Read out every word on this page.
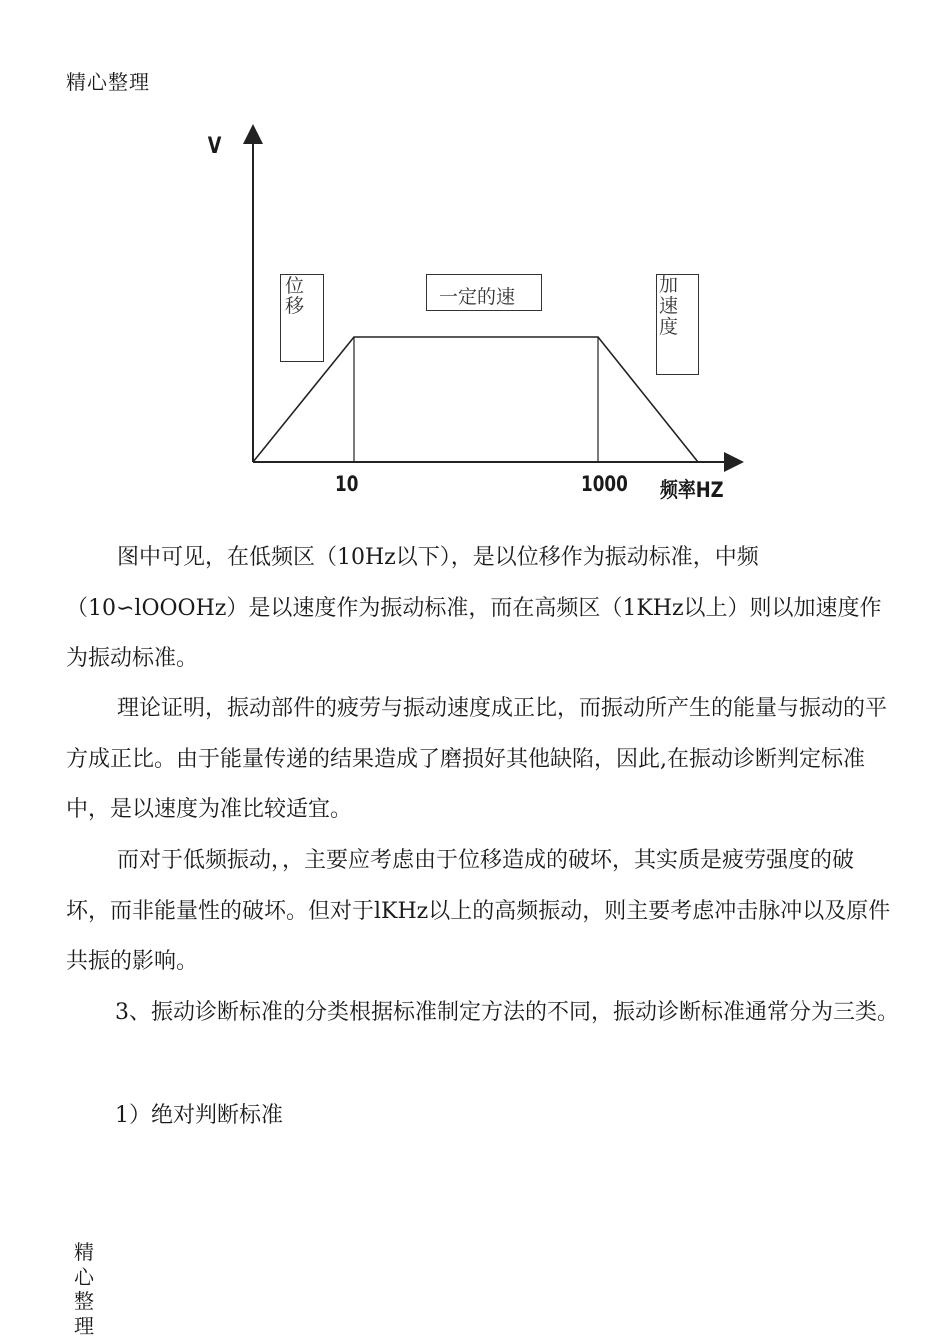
精心整理
V
10	1000 频率HZ
位移	一定的速
加速度

图中可见，在低频区（10Hz以下），是以位移作为振动标准，中频（10∽lOOOHz）是以速度作为振动标准，而在高频区（1KHz以上）则以加速度作为振动标准。

理论证明，振动部件的疲劳与振动速度成正比，而振动所产生的能量与振动的平方成正比。由于能量传递的结果造成了磨损好其他缺陷，因此,在振动诊断判定标准中，是以速度为准比较适宜。

而对于低频振动，，主要应考虑由于位移造成的破坏，其实质是疲劳强度的破坏，而非能量性的破坏。但对于lKHz以上的高频振动，则主要考虑冲击脉冲以及原件共振的影响。

3、振动诊断标准的分类根据标准制定方法的不同，振动诊断标准通常分为三类。

1）绝对判断标准

精心整理
